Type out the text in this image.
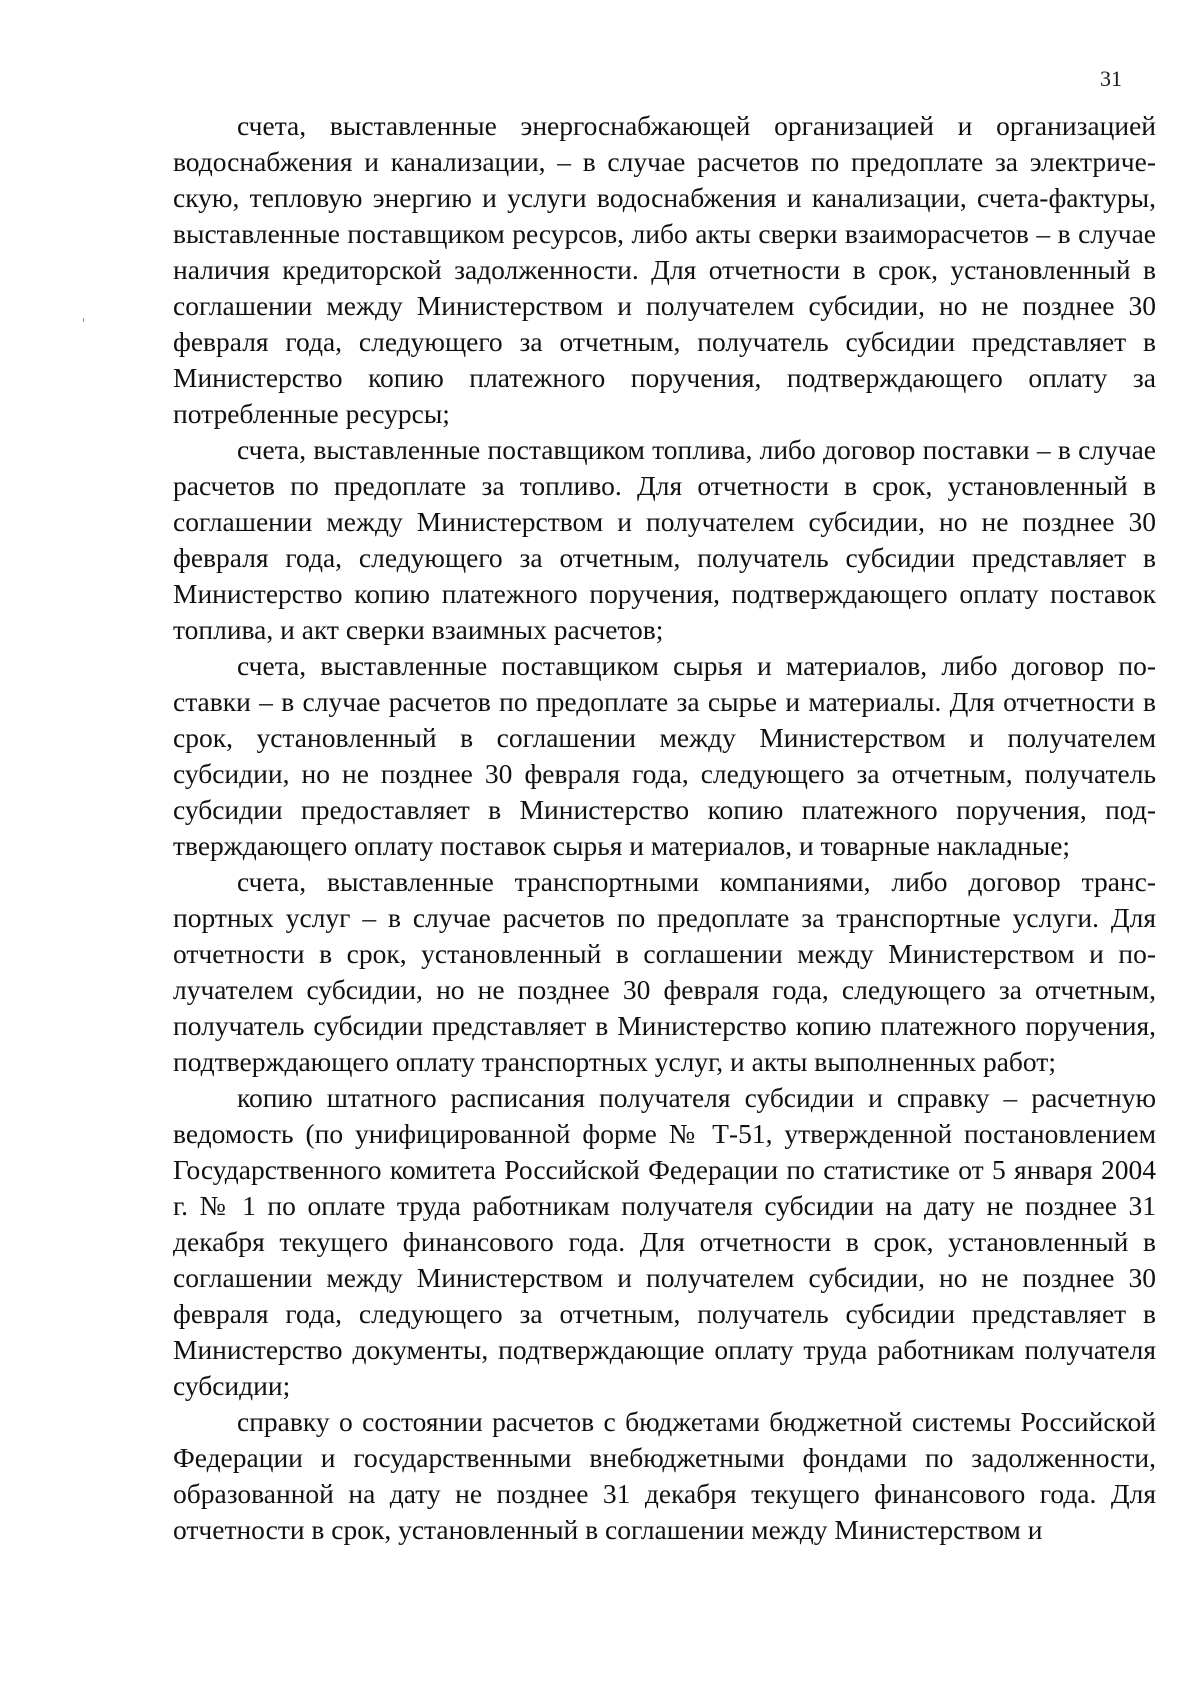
31

счета, выставленные энергоснабжающей организацией и организацией водоснабжения и канализации, – в случае расчетов по предоплате за электрическую, тепловую энергию и услуги водоснабжения и канализации, счета-фактуры, выставленные поставщиком ресурсов, либо акты сверки взаиморасчетов – в случае наличия кредиторской задолженности. Для отчетности в срок, установленный в соглашении между Министерством и получателем субсидии, но не позднее 30 февраля года, следующего за отчетным, получатель субсидии представляет в Министерство копию платежного поручения, подтверждающего оплату за потребленные ресурсы;

счета, выставленные поставщиком топлива, либо договор поставки – в случае расчетов по предоплате за топливо. Для отчетности в срок, установленный в соглашении между Министерством и получателем субсидии, но не позднее 30 февраля года, следующего за отчетным, получатель субсидии представляет в Министерство копию платежного поручения, подтверждающего оплату поставок топлива, и акт сверки взаимных расчетов;

счета, выставленные поставщиком сырья и материалов, либо договор поставки – в случае расчетов по предоплате за сырье и материалы. Для отчетности в срок, установленный в соглашении между Министерством и получателем субсидии, но не позднее 30 февраля года, следующего за отчетным, получатель субсидии предоставляет в Министерство копию платежного поручения, подтверждающего оплату поставок сырья и материалов, и товарные накладные;

счета, выставленные транспортными компаниями, либо договор транспортных услуг – в случае расчетов по предоплате за транспортные услуги. Для отчетности в срок, установленный в соглашении между Министерством и получателем субсидии, но не позднее 30 февраля года, следующего за отчетным, получатель субсидии представляет в Министерство копию платежного поручения, подтверждающего оплату транспортных услуг, и акты выполненных работ;

копию штатного расписания получателя субсидии и справку – расчетную ведомость (по унифицированной форме № Т-51, утвержденной постановлением Государственного комитета Российской Федерации по статистике от 5 января 2004 г. № 1 по оплате труда работникам получателя субсидии на дату не позднее 31 декабря текущего финансового года. Для отчетности в срок, установленный в соглашении между Министерством и получателем субсидии, но не позднее 30 февраля года, следующего за отчетным, получатель субсидии представляет в Министерство документы, подтверждающие оплату труда работникам получателя субсидии;

справку о состоянии расчетов с бюджетами бюджетной системы Российской Федерации и государственными внебюджетными фондами по задолженности, образованной на дату не позднее 31 декабря текущего финансового года. Для отчетности в срок, установленный в соглашении между Министерством и
